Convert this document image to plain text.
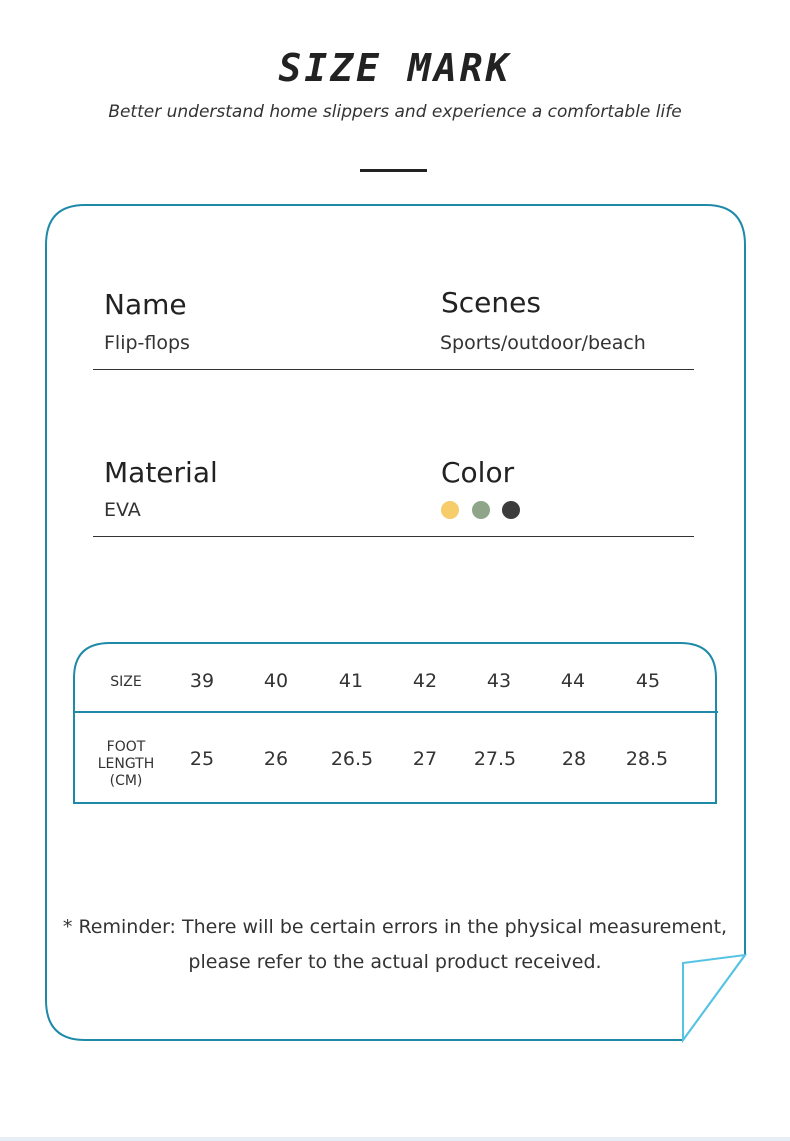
SIZE MARK
Better understand home slippers and experience a comfortable life
Name
Flip-flops
Scenes
Sports/outdoor/beach
Material
EVA
Color
SIZE	39	40	41	42	43	44	45
FOOT
LENGTH
(CM)
25	26	26.5	27	27.5	28	28.5
* Reminder: There will be certain errors in the physical measurement,
please refer to the actual product received.
